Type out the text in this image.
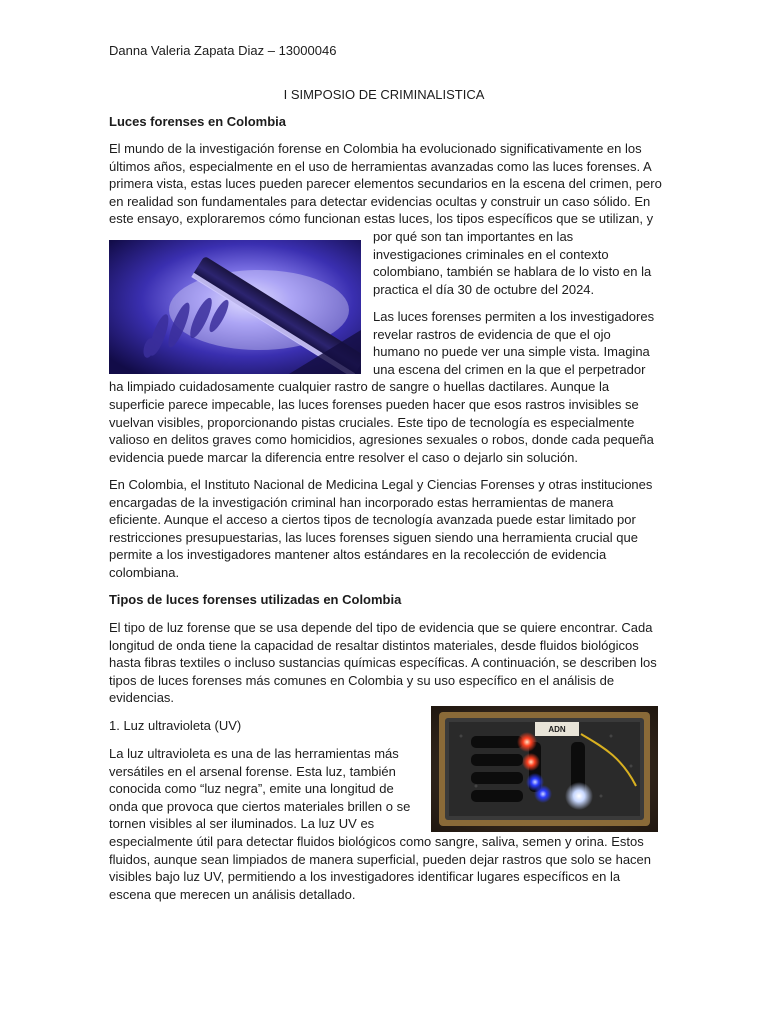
Danna Valeria Zapata Diaz – 13000046

I SIMPOSIO DE CRIMINALISTICA

Luces forenses en Colombia

El mundo de la investigación forense en Colombia ha evolucionado significativamente en los

últimos años, especialmente en el uso de herramientas avanzadas como las luces forenses. A

primera vista, estas luces pueden parecer elementos secundarios en la escena del crimen, pero

en realidad son fundamentales para detectar evidencias ocultas y construir un caso sólido. En

este ensayo, exploraremos cómo funcionan estas luces, los tipos específicos que se utilizan, y

por qué son tan importantes en las

investigaciones criminales en el contexto

colombiano, también se hablara de lo visto en la

practica el día 30 de octubre del 2024.

Las luces forenses permiten a los investigadores

revelar rastros de evidencia de que el ojo

humano no puede ver una simple vista. Imagina

una escena del crimen en la que el perpetrador

ha limpiado cuidadosamente cualquier rastro de sangre o huellas dactilares. Aunque la

superficie parece impecable, las luces forenses pueden hacer que esos rastros invisibles se

vuelvan visibles, proporcionando pistas cruciales. Este tipo de tecnología es especialmente

valioso en delitos graves como homicidios, agresiones sexuales o robos, donde cada pequeña

evidencia puede marcar la diferencia entre resolver el caso o dejarlo sin solución.

En Colombia, el Instituto Nacional de Medicina Legal y Ciencias Forenses y otras instituciones

encargadas de la investigación criminal han incorporado estas herramientas de manera

eficiente. Aunque el acceso a ciertos tipos de tecnología avanzada puede estar limitado por

restricciones presupuestarias, las luces forenses siguen siendo una herramienta crucial que

permite a los investigadores mantener altos estándares en la recolección de evidencia

colombiana.

Tipos de luces forenses utilizadas en Colombia

El tipo de luz forense que se usa depende del tipo de evidencia que se quiere encontrar. Cada

longitud de onda tiene la capacidad de resaltar distintos materiales, desde fluidos biológicos

hasta fibras textiles o incluso sustancias químicas específicas. A continuación, se describen los

tipos de luces forenses más comunes en Colombia y su uso específico en el análisis de

evidencias.

1. Luz ultravioleta (UV)	ADN

La luz ultravioleta es una de las herramientas más

versátiles en el arsenal forense. Esta luz, también

conocida como “luz negra”, emite una longitud de

onda que provoca que ciertos materiales brillen o se

tornen visibles al ser iluminados. La luz UV es

especialmente útil para detectar fluidos biológicos como sangre, saliva, semen y orina. Estos

fluidos, aunque sean limpiados de manera superficial, pueden dejar rastros que solo se hacen

visibles bajo luz UV, permitiendo a los investigadores identificar lugares específicos en la

escena que merecen un análisis detallado.
